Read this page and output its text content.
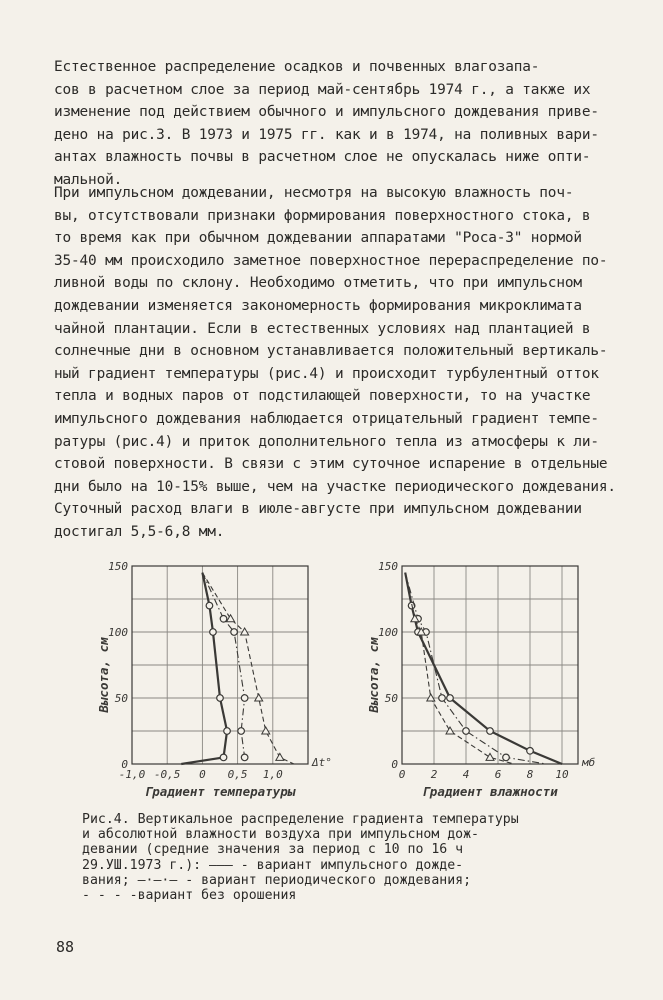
Естественное распределение осадков и почвенных влагозапа-
сов в расчетном слое за период май-сентябрь 1974 г., а также их
изменение под действием обычного и импульсного дождевания приве-
дено на рис.3. В 1973 и 1975 гг. как и в 1974, на поливных вари-
антах влажность почвы в расчетном слое не опускалась ниже опти-
мальной.

При импульсном дождевании, несмотря на высокую влажность поч-
вы, отсутствовали признаки формирования поверхностного стока, в
то время как при обычном дождевании аппаратами "Роса-3" нормой
35-40 мм происходило заметное поверхностное перераспределение по-
ливной воды по склону. Необходимо отметить, что при импульсном
дождевании изменяется закономерность формирования микроклимата
чайной плантации. Если в естественных условиях над плантацией в
солнечные дни в основном устанавливается положительный вертикаль-
ный градиент температуры (рис.4) и происходит турбулентный отток
тепла и водных паров от подстилающей поверхности, то на участке
импульсного дождевания наблюдается отрицательный градиент темпе-
ратуры (рис.4) и приток дополнительного тепла из атмосферы к ли-
стовой поверхности. В связи с этим суточное испарение в отдельные
дни было на 10-15% выше, чем на участке периодического дождевания.
Суточный расход влаги в июле-августе при импульсном дождевании
достигал 5,5-6,8 мм.

-1,0 -0,5 0 0,5 1,0
0
50
100
150
Δt°
Градиент температуры
Высота, см
0 2 4 6 8 10
0
50
100
150
мб
Градиент влажности
Высота, см

Рис.4. Вертикальное распределение градиента температуры
и абсолютной влажности воздуха при импульсном дож-
девании (средние значения за период с 10 по 16 ч
29.УШ.1973 г.): ——— - вариант импульсного дожде-
вания; —·—·— - вариант периодического дождевания;
- - - -вариант без орошения

88
